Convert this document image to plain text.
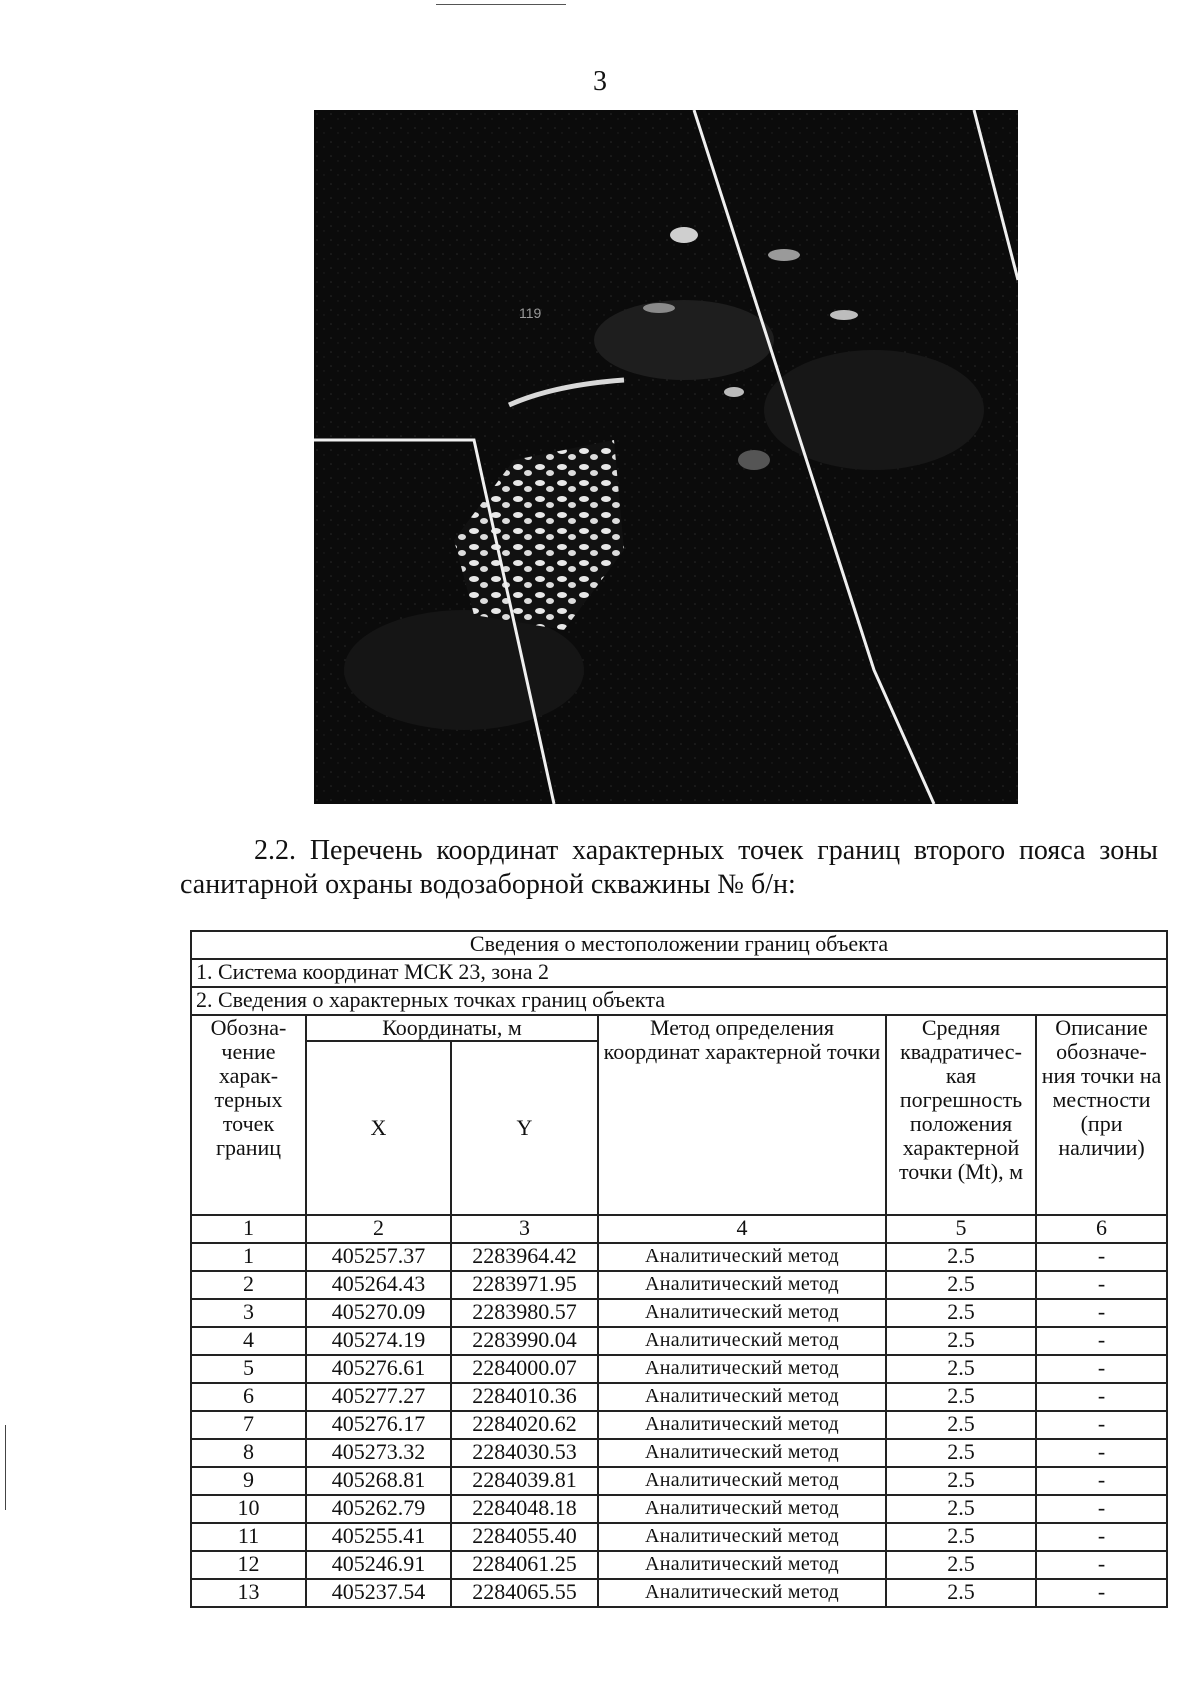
3
119
2.2. Перечень координат характерных точек границ второго пояса зоны
санитарной охраны водозаборной скважины № б/н:
Сведения о местоположении границ объекта					
1. Система координат МСК 23, зона 2					
2. Сведения о характерных точках границ объекта					
Обозна-чение харак-терных точек границ	Координаты, м		Метод определения координат характерной точки	Средняя квадратичес-кая погрешность положения характерной точки (Mt), м	Описание обозначе-ния точки на местности (при наличии)
	X	Y			
1	2	3	4	5	6
1	405257.37	2283964.42	Аналитический метод	2.5	-
2	405264.43	2283971.95	Аналитический метод	2.5	-
3	405270.09	2283980.57	Аналитический метод	2.5	-
4	405274.19	2283990.04	Аналитический метод	2.5	-
5	405276.61	2284000.07	Аналитический метод	2.5	-
6	405277.27	2284010.36	Аналитический метод	2.5	-
7	405276.17	2284020.62	Аналитический метод	2.5	-
8	405273.32	2284030.53	Аналитический метод	2.5	-
9	405268.81	2284039.81	Аналитический метод	2.5	-
10	405262.79	2284048.18	Аналитический метод	2.5	-
11	405255.41	2284055.40	Аналитический метод	2.5	-
12	405246.91	2284061.25	Аналитический метод	2.5	-
13	405237.54	2284065.55	Аналитический метод	2.5	-
